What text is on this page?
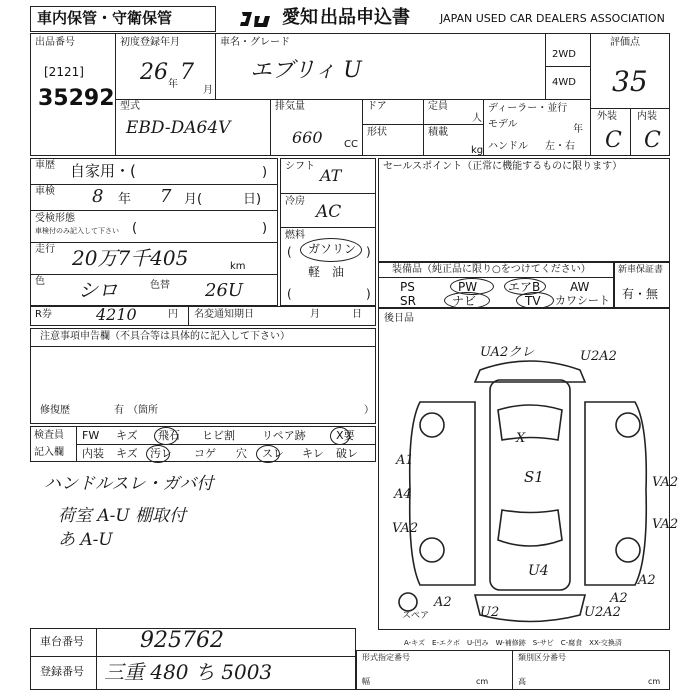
車内保管・守衛保管	愛知 出品申込書	JAPAN USED CAR DEALERS ASSOCIATION
出品番号
[2121]
35292
初度登録年月
26 年 7
月
車名・グレード
エブリィ U
2WD
4WD
評価点
35
外装 内装
C C
型式
EBD-DA64V
排気量
660 CC
ドア
形状
定員
人
積載
kg
ディーラー・並行
モデル	年
ハンドル 左・右
車歴 自家用・(	)
車検 8 年 7 月(	日)
受検形態
車検付のみ記入して下さい (	)
走行 20万7千405	km
色 シロ	色替 26U
シフト AT
冷房
AC
燃料
(	)
ガソリン
軽　油
(	)
セールスポイント（正常に機能するものに限ります）
装備品（純正品に限り○をつけてください）
PS	PW	エアB AW
SR	ナビ	TV カワシート
新車保証書
有・無
R券	4210	円 名変通知期日	月	日
注意事項申告欄（不具合等は具体的に記入して下さい）
修復歴	有 （箇所	）
後日品
検査員
記入欄
FW キズ 飛石 ヒビ割 リペア跡	X要
内装 キズ 汚レ コゲ 穴 スレ キレ 破レ
ハンドルスレ・ガバ付
荷室 A-U 棚取付
あ A-U
スペア
UA2クレ	U2A2
X
S1
A1
A4
VA2
VA2
VA2
A2
U4
A2
U2	U2A2
A2
A-キズ　E-エクボ　U-凹み　W-補修跡　S-サビ　C-腐食　XX-交換済
車台番号	925762
登録番号 三重 480 ち 5003
形式指定番号	類別区分番号
幅	cm	高	cm
